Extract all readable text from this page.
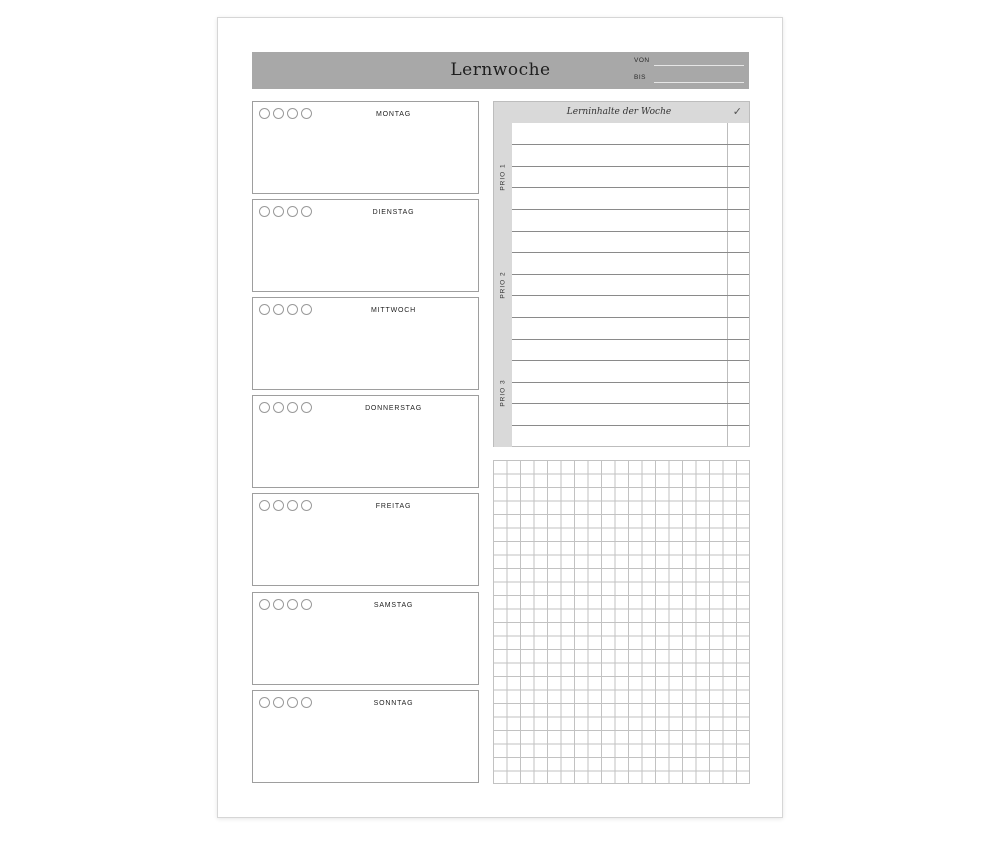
Lernwoche	VON
BIS
MONTAG
DIENSTAG
MITTWOCH
DONNERSTAG
FREITAG
SAMSTAG
SONNTAG
Lerninhalte der Woche	✓
PRIO 1
PRIO 2
PRIO 3
